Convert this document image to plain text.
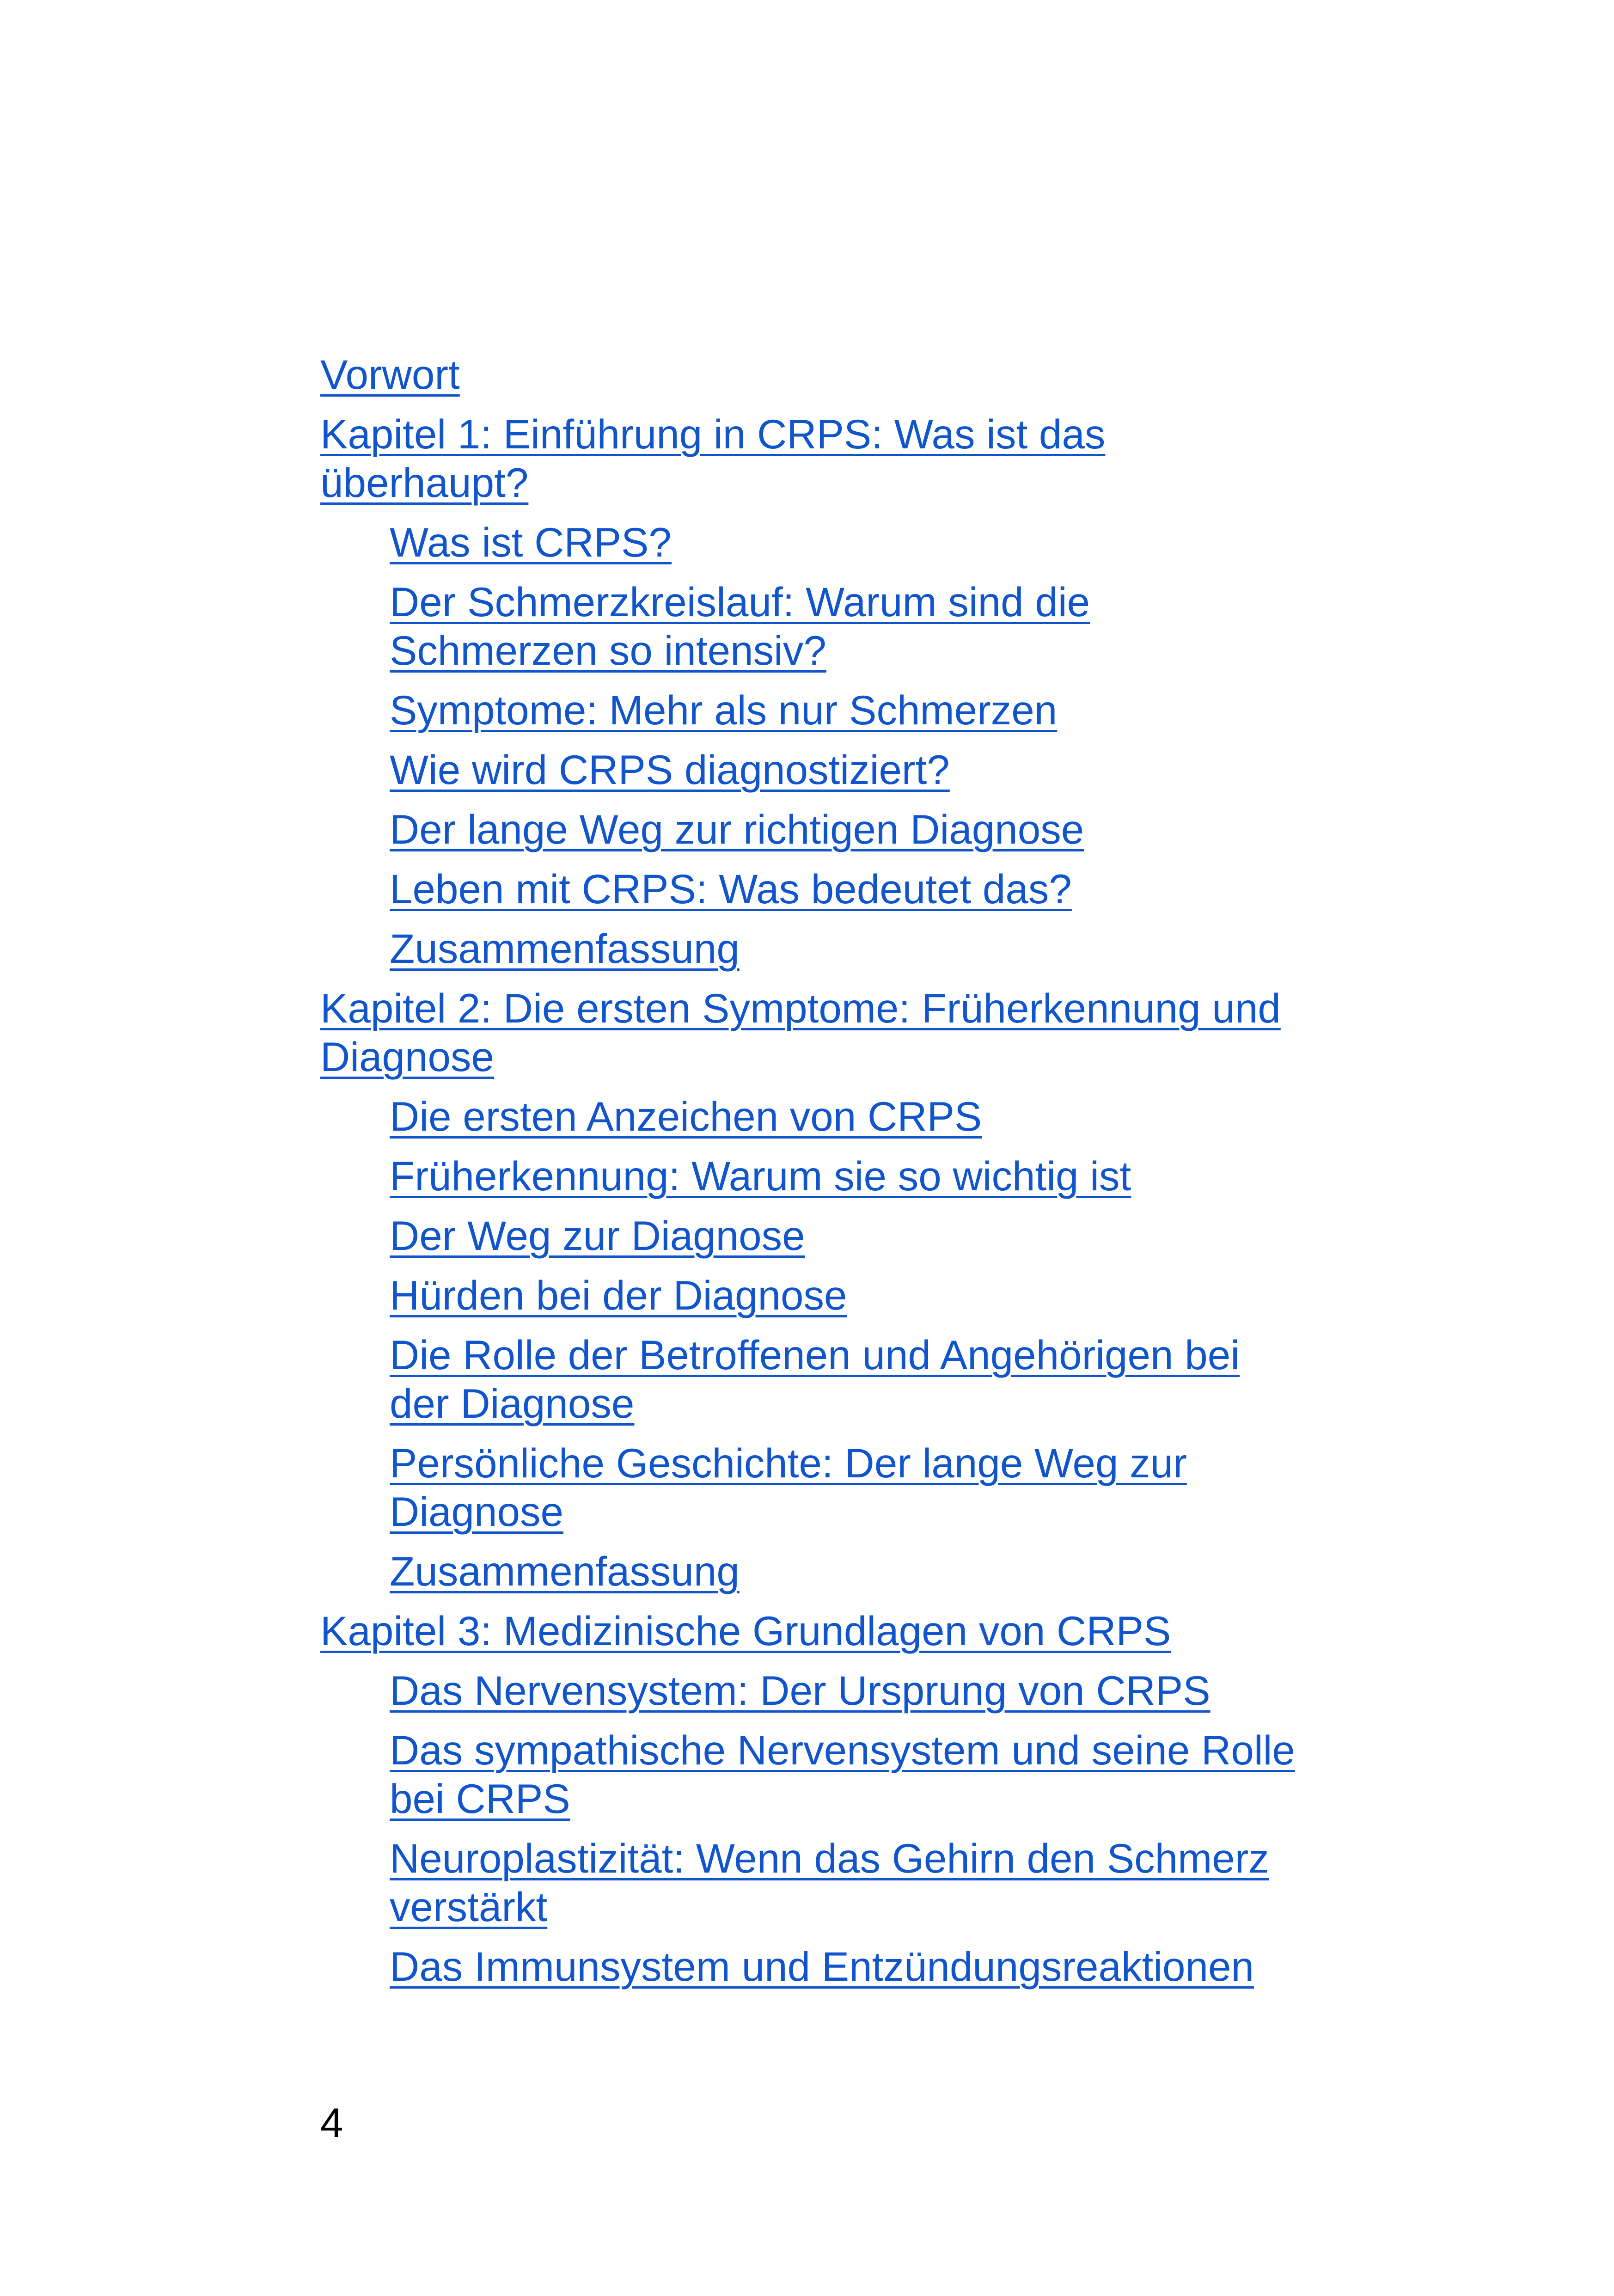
Vorwort
Kapitel 1: Einführung in CRPS: Was ist das überhaupt?
Was ist CRPS?
Der Schmerzkreislauf: Warum sind die Schmerzen so intensiv?
Symptome: Mehr als nur Schmerzen
Wie wird CRPS diagnostiziert?
Der lange Weg zur richtigen Diagnose
Leben mit CRPS: Was bedeutet das?
Zusammenfassung
Kapitel 2: Die ersten Symptome: Früherkennung und Diagnose
Die ersten Anzeichen von CRPS
Früherkennung: Warum sie so wichtig ist
Der Weg zur Diagnose
Hürden bei der Diagnose
Die Rolle der Betroffenen und Angehörigen bei der Diagnose
Persönliche Geschichte: Der lange Weg zur Diagnose
Zusammenfassung
Kapitel 3: Medizinische Grundlagen von CRPS
Das Nervensystem: Der Ursprung von CRPS
Das sympathische Nervensystem und seine Rolle bei CRPS
Neuroplastizität: Wenn das Gehirn den Schmerz verstärkt
Das Immunsystem und Entzündungsreaktionen
4
